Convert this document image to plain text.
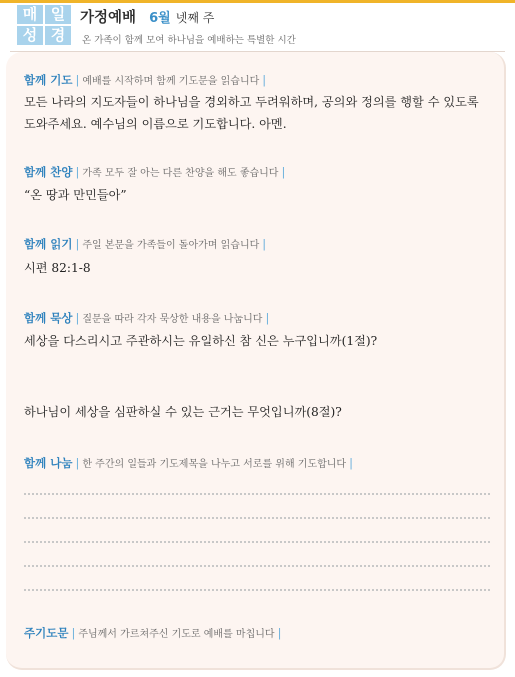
매 일
성 경
가정예배 6월 넷째 주
온 가족이 함께 모여 하나님을 예배하는 특별한 시간
함께 기도 | 예배를 시작하며 함께 기도문을 읽습니다 |
모든 나라의 지도자들이 하나님을 경외하고 두려워하며, 공의와 정의를 행할 수 있도록 도와주세요. 예수님의 이름으로 기도합니다. 아멘.
함께 찬양 | 가족 모두 잘 아는 다른 찬양을 해도 좋습니다 |
“온 땅과 만민들아”
함께 읽기 | 주일 본문을 가족들이 돌아가며 읽습니다 |
시편 82:1-8
함께 묵상 | 질문을 따라 각자 묵상한 내용을 나눕니다 |
세상을 다스리시고 주관하시는 유일하신 참 신은 누구입니까(1절)?
하나님이 세상을 심판하실 수 있는 근거는 무엇입니까(8절)?
함께 나눔 | 한 주간의 일들과 기도제목을 나누고 서로를 위해 기도합니다 |
주기도문 | 주님께서 가르쳐주신 기도로 예배를 마칩니다 |
